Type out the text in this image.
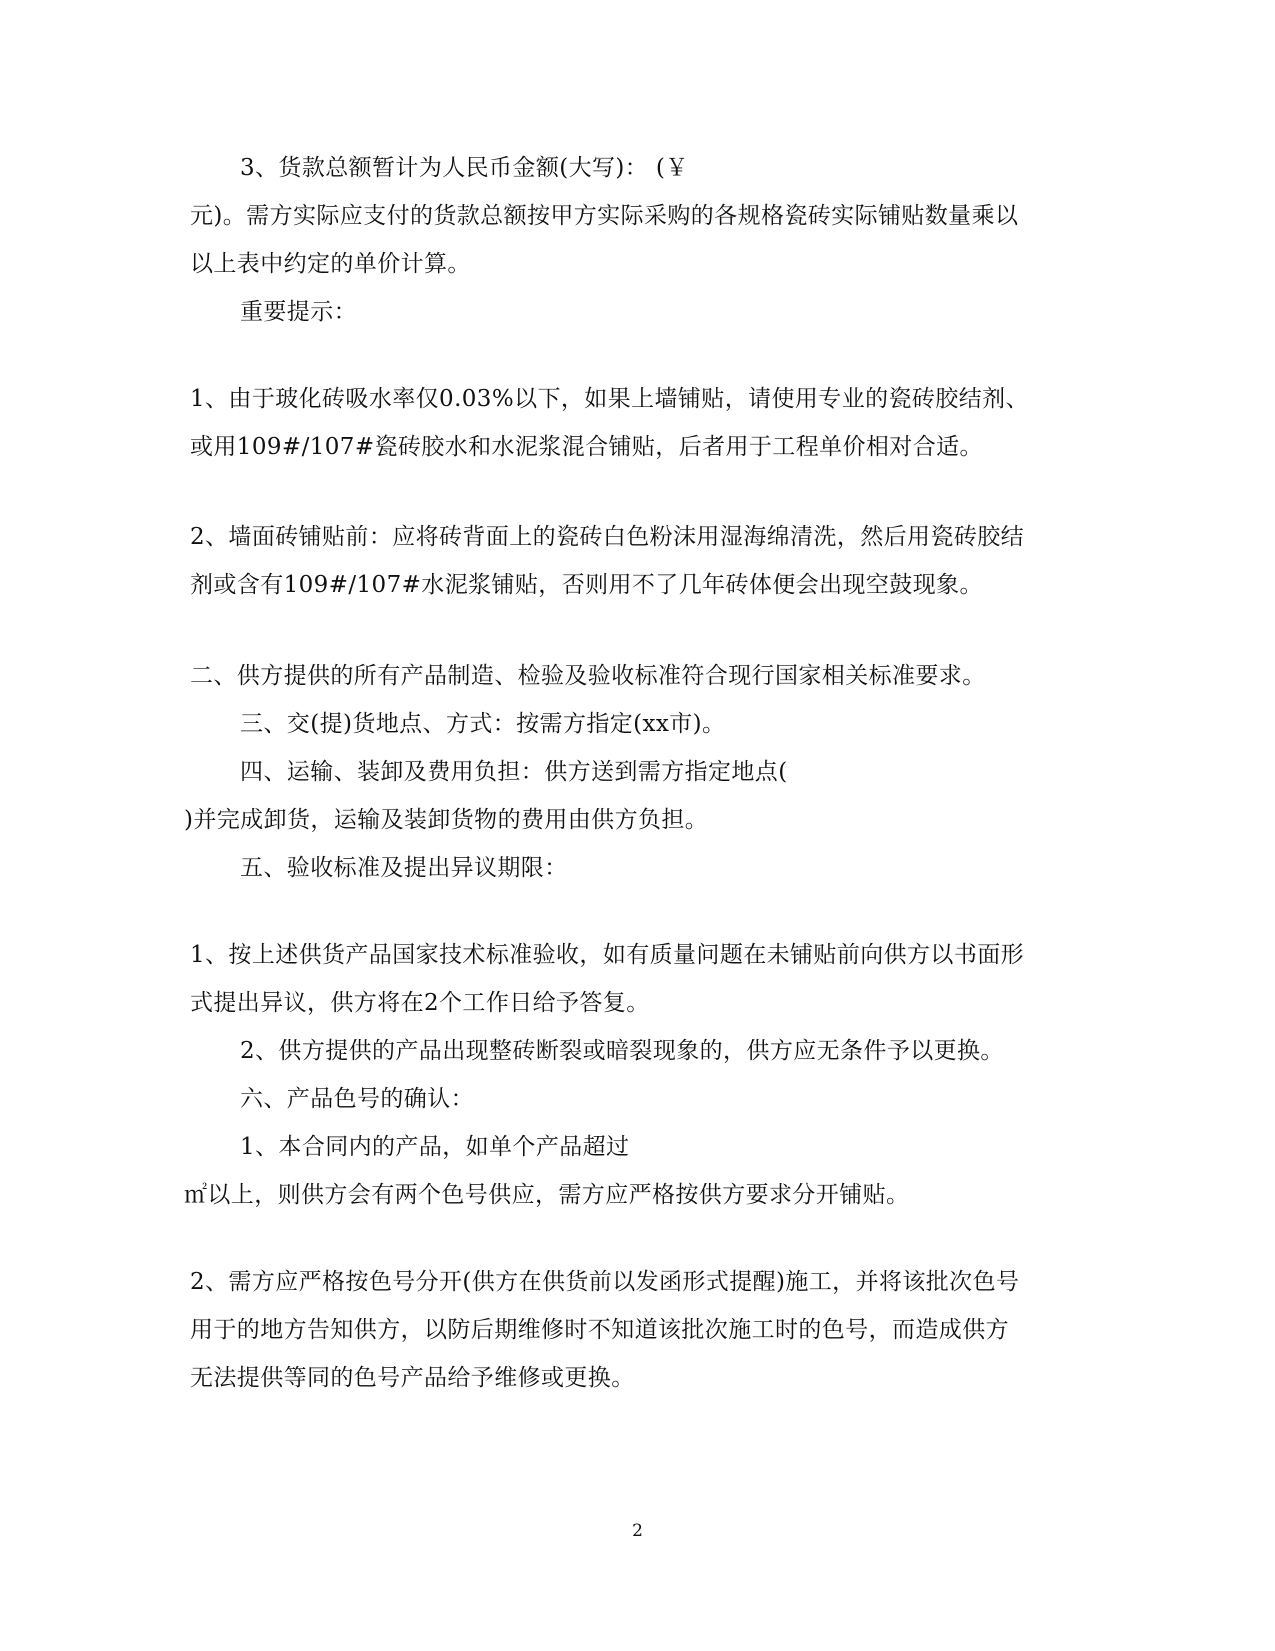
3、货款总额暂计为人民币金额(大写)： (￥
元)。需方实际应支付的货款总额按甲方实际采购的各规格瓷砖实际铺贴数量乘以
以上表中约定的单价计算。
重要提示：
1、由于玻化砖吸水率仅0.03%以下，如果上墙铺贴，请使用专业的瓷砖胶结剂、
或用109#/107#瓷砖胶水和水泥浆混合铺贴，后者用于工程单价相对合适。
2、墙面砖铺贴前：应将砖背面上的瓷砖白色粉沫用湿海绵清洗，然后用瓷砖胶结
剂或含有109#/107#水泥浆铺贴，否则用不了几年砖体便会出现空鼓现象。
二、供方提供的所有产品制造、检验及验收标准符合现行国家相关标准要求。
三、交(提)货地点、方式：按需方指定(xx市)。
四、运输、装卸及费用负担：供方送到需方指定地点(
)并完成卸货，运输及装卸货物的费用由供方负担。
五、验收标准及提出异议期限：
1、按上述供货产品国家技术标准验收，如有质量问题在未铺贴前向供方以书面形
式提出异议，供方将在2个工作日给予答复。
2、供方提供的产品出现整砖断裂或暗裂现象的，供方应无条件予以更换。
六、产品色号的确认：
1、本合同内的产品，如单个产品超过
㎡以上，则供方会有两个色号供应，需方应严格按供方要求分开铺贴。
2、需方应严格按色号分开(供方在供货前以发函形式提醒)施工，并将该批次色号
用于的地方告知供方，以防后期维修时不知道该批次施工时的色号，而造成供方
无法提供等同的色号产品给予维修或更换。
2
